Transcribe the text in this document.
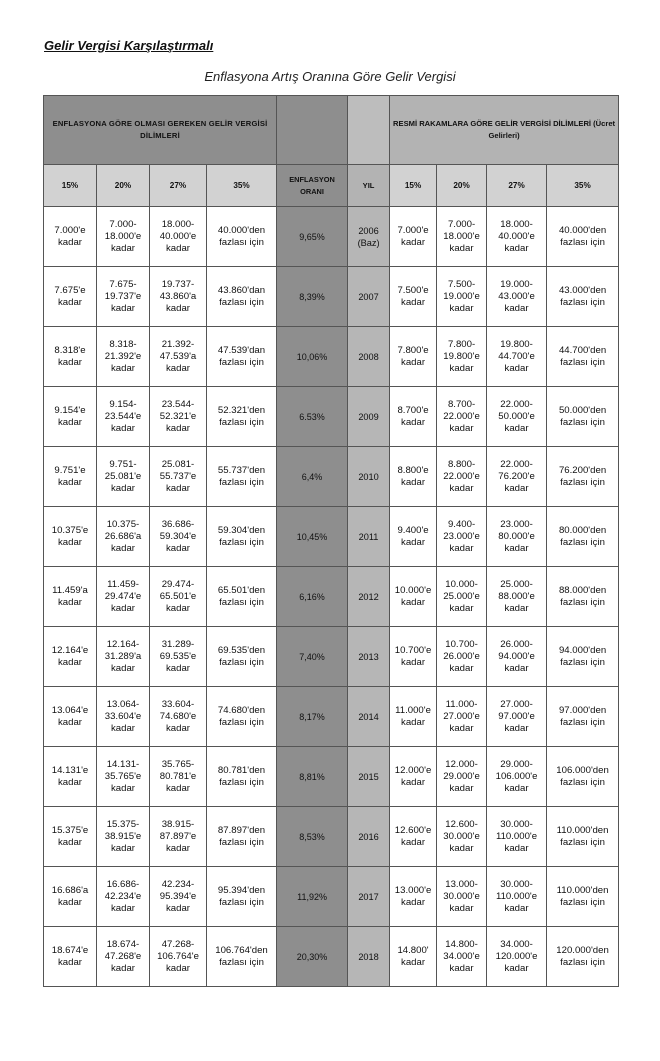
Gelir Vergisi Karşılaştırmalı
Enflasyona Artış Oranına Göre Gelir Vergisi
ENFLASYONA GÖRE OLMASI GEREKEN GELİR VERGİSİ DİLİMLERİ						RESMİ RAKAMLARA GÖRE GELİR VERGİSİ DİLİMLERİ (Ücret Gelirleri)			
15%	20%	27%	35%	ENFLASYON ORANI	YIL	15%	20%	27%	35%
7.000'e kadar	7.000-18.000'e kadar	18.000-40.000'e kadar	40.000'den fazlası için	9,65%	2006 (Baz)	7.000'e kadar	7.000-18.000'e kadar	18.000-40.000'e kadar	40.000'den fazlası için
7.675'e kadar	7.675-19.737'e kadar	19.737-43.860'a kadar	43.860'dan fazlası için	8,39%	2007	7.500'e kadar	7.500-19.000'e kadar	19.000-43.000'e kadar	43.000'den fazlası için
8.318'e kadar	8.318-21.392'e kadar	21.392-47.539'a kadar	47.539'dan fazlası için	10,06%	2008	7.800'e kadar	7.800-19.800'e kadar	19.800-44.700'e kadar	44.700'den fazlası için
9.154'e kadar	9.154-23.544'e kadar	23.544-52.321'e kadar	52.321'den fazlası için	6.53%	2009	8.700'e kadar	8.700-22.000'e kadar	22.000-50.000'e kadar	50.000'den fazlası için
9.751'e kadar	9.751-25.081'e kadar	25.081-55.737'e kadar	55.737'den fazlası için	6,4%	2010	8.800'e kadar	8.800-22.000'e kadar	22.000-76.200'e kadar	76.200'den fazlası için
10.375'e kadar	10.375-26.686'a kadar	36.686-59.304'e kadar	59.304'den fazlası için	10,45%	2011	9.400'e kadar	9.400-23.000'e kadar	23.000-80.000'e kadar	80.000'den fazlası için
11.459'a kadar	11.459-29.474'e kadar	29.474-65.501'e kadar	65.501'den fazlası için	6,16%	2012	10.000'e kadar	10.000-25.000'e kadar	25.000-88.000'e kadar	88.000'den fazlası için
12.164'e kadar	12.164-31.289'a kadar	31.289-69.535'e kadar	69.535'den fazlası için	7,40%	2013	10.700'e kadar	10.700-26.000'e kadar	26.000-94.000'e kadar	94.000'den fazlası için
13.064'e kadar	13.064-33.604'e kadar	33.604-74.680'e kadar	74.680'den fazlası için	8,17%	2014	11.000'e kadar	11.000-27.000'e kadar	27.000-97.000'e kadar	97.000'den fazlası için
14.131'e kadar	14.131-35.765'e kadar	35.765-80.781'e kadar	80.781'den fazlası için	8,81%	2015	12.000'e kadar	12.000-29.000'e kadar	29.000-106.000'e kadar	106.000'den fazlası için
15.375'e kadar	15.375-38.915'e kadar	38.915-87.897'e kadar	87.897'den fazlası için	8,53%	2016	12.600'e kadar	12.600-30.000'e kadar	30.000-110.000'e kadar	110.000'den fazlası için
16.686'a kadar	16.686-42.234'e kadar	42.234-95.394'e kadar	95.394'den fazlası için	11,92%	2017	13.000'e kadar	13.000-30.000'e kadar	30.000-110.000'e kadar	110.000'den fazlası için
18.674'e kadar	18.674-47.268'e kadar	47.268-106.764'e kadar	106.764'den fazlası için	20,30%	2018	14.800' kadar	14.800-34.000'e kadar	34.000-120.000'e kadar	120.000'den fazlası için
